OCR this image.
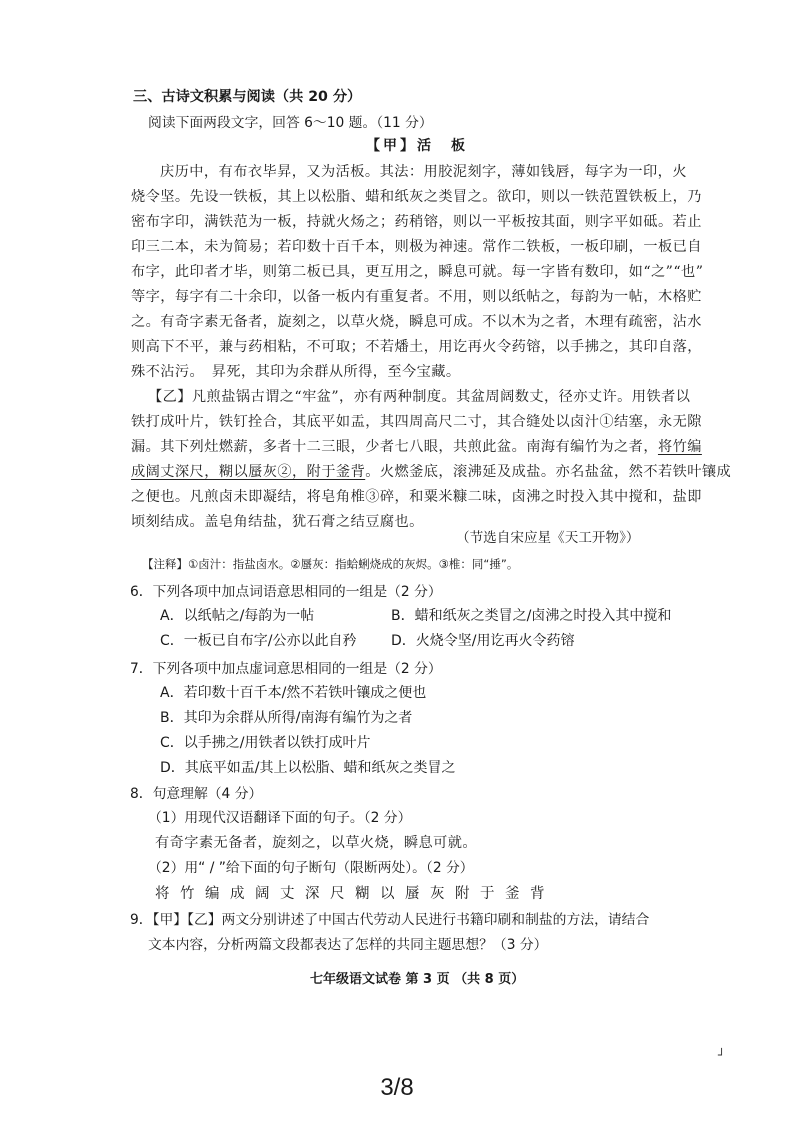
三、古诗文积累与阅读（共 20 分）
阅读下面两段文字，回答 6～10 题。（11 分）
【甲】活　板
庆历中，有布衣毕昇，又为活板。其法：用胶泥刻字，薄如钱唇，每字为一印，火
烧令坚。先设一铁板，其上以松脂、蜡和纸灰之类冒之。欲印，则以一铁范置铁板上，乃
密布字印，满铁范为一板，持就火炀之；药稍镕，则以一平板按其面，则字平如砥。若止
印三二本，未为简易；若印数十百千本，则极为神速。常作二铁板，一板印刷，一板已自
布字，此印者才毕，则第二板已具，更互用之，瞬息可就。每一字皆有数印，如“之”“也”
等字，每字有二十余印，以备一板内有重复者。不用，则以纸帖之，每韵为一帖，木格贮
之。有奇字素无备者，旋刻之，以草火烧，瞬息可成。不以木为之者，木理有疏密，沾水
则高下不平，兼与药相粘，不可取；不若燔土，用讫再火令药镕，以手拂之，其印自落，
殊不沾污。　昇死，其印为余群从所得，至今宝藏。
【乙】凡煎盐锅古谓之“牢盆”，亦有两种制度。其盆周阔数丈，径亦丈许。用铁者以
铁打成叶片，铁钉拴合，其底平如盂，其四周高尺二寸，其合缝处以卤汁①结塞，永无隙
漏。其下列灶燃薪，多者十二三眼，少者七八眼，共煎此盆。南海有编竹为之者，将竹编
成阔丈深尺，糊以蜃灰②，附于釜背。火燃釜底，滚沸延及成盐。亦名盐盆，然不若铁叶镶成
之便也。凡煎卤未即凝结，将皂角椎③碎，和粟米糠二味，卤沸之时投入其中搅和，盐即
顷刻结成。盖皂角结盐，犹石膏之结豆腐也。
（节选自宋应星《天工开物》）
【注释】①卤汁：指盐卤水。②蜃灰：指蛤蜊烧成的灰烬。③椎：同“捶”。
6．下列各项中加点词语意思相同的一组是（2 分）
A．以纸帖之/每韵为一帖	B．蜡和纸灰之类冒之/卤沸之时投入其中搅和
C．一板已自布字/公亦以此自矜 D．火烧令坚/用讫再火令药镕
7．下列各项中加点虚词意思相同的一组是（2 分）
A．若印数十百千本/然不若铁叶镶成之便也
B．其印为余群从所得/南海有编竹为之者
C．以手拂之/用铁者以铁打成叶片
D．其底平如盂/其上以松脂、蜡和纸灰之类冒之
8．句意理解（4 分）
（1）用现代汉语翻译下面的句子。（2 分）
有奇字素无备者，旋刻之，以草火烧，瞬息可就。
（2）用“ / ”给下面的句子断句（限断两处）。（2 分）
将竹编成阔丈深尺糊以蜃灰附于釜背
9．【甲】【乙】两文分别讲述了中国古代劳动人民进行书籍印刷和制盐的方法，请结合
文本内容，分析两篇文段都表达了怎样的共同主题思想？（3 分）
七年级语文试卷 第 3 页 （共 8 页）
┘
3/8
